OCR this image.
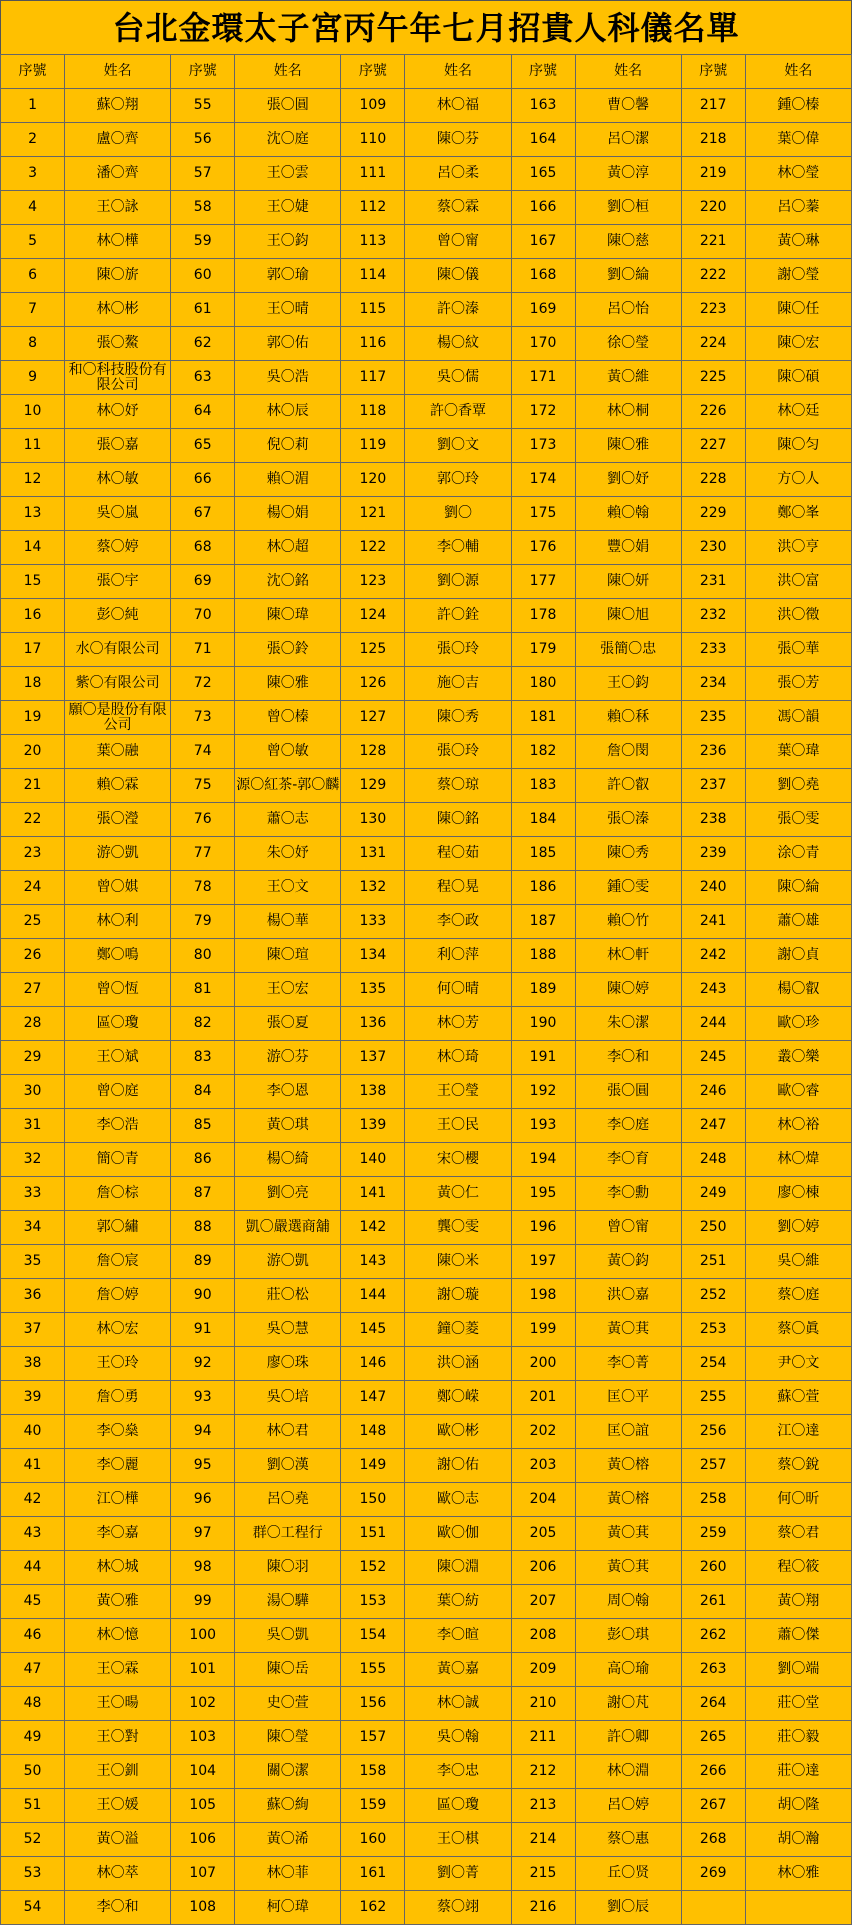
台北金環太子宮丙午年七月招貴人科儀名單
序號	姓名	序號	姓名	序號	姓名	序號	姓名	序號	姓名
1	蘇〇翔	55	張〇圓	109	林〇福	163	曹〇馨	217	鍾〇榛
2	盧〇齊	56	沈〇庭	110	陳〇芬	164	呂〇潔	218	葉〇偉
3	潘〇齊	57	王〇雲	111	呂〇柔	165	黃〇淳	219	林〇瑩
4	王〇詠	58	王〇婕	112	蔡〇霖	166	劉〇桓	220	呂〇蓁
5	林〇樺	59	王〇鈞	113	曾〇甯	167	陳〇慈	221	黃〇琳
6	陳〇旂	60	郭〇瑜	114	陳〇儀	168	劉〇綸	222	謝〇瑩
7	林〇彬	61	王〇晴	115	許〇溱	169	呂〇怡	223	陳〇任
8	張〇鰲	62	郭〇佑	116	楊〇紋	170	徐〇瑩	224	陳〇宏
9	和〇科技股份有限公司	63	吳〇浩	117	吳〇儒	171	黃〇維	225	陳〇碩
10	林〇妤	64	林〇辰	118	許〇香覃	172	林〇桐	226	林〇廷
11	張〇嘉	65	倪〇莉	119	劉〇文	173	陳〇雅	227	陳〇匀
12	林〇敏	66	賴〇湄	120	郭〇玲	174	劉〇妤	228	方〇人
13	吳〇嵐	67	楊〇娟	121	劉〇	175	賴〇翰	229	鄭〇峯
14	蔡〇婷	68	林〇超	122	李〇輔	176	豐〇娟	230	洪〇亨
15	張〇宇	69	沈〇銘	123	劉〇源	177	陳〇妍	231	洪〇富
16	彭〇純	70	陳〇瑋	124	許〇銓	178	陳〇旭	232	洪〇徵
17	水〇有限公司	71	張〇鈴	125	張〇玲	179	張簡〇忠	233	張〇華
18	紫〇有限公司	72	陳〇雅	126	施〇吉	180	王〇鈞	234	張〇芳
19	願〇是股份有限公司	73	曾〇榛	127	陳〇秀	181	賴〇秝	235	馮〇韻
20	葉〇融	74	曾〇敏	128	張〇玲	182	詹〇閔	236	葉〇瑋
21	賴〇霖	75	源〇紅茶-郭〇麟	129	蔡〇琼	183	許〇叡	237	劉〇堯
22	張〇瀅	76	蕭〇志	130	陳〇銘	184	張〇溱	238	張〇雯
23	游〇凱	77	朱〇妤	131	程〇茹	185	陳〇秀	239	涂〇青
24	曾〇娸	78	王〇文	132	程〇晃	186	鍾〇雯	240	陳〇綸
25	林〇利	79	楊〇華	133	李〇政	187	賴〇竹	241	蕭〇雄
26	鄭〇鳴	80	陳〇瑄	134	利〇萍	188	林〇軒	242	謝〇貞
27	曾〇恆	81	王〇宏	135	何〇晴	189	陳〇婷	243	楊〇叡
28	區〇瓊	82	張〇夏	136	林〇芳	190	朱〇潔	244	歐〇珍
29	王〇斌	83	游〇芬	137	林〇琦	191	李〇和	245	叢〇樂
30	曾〇庭	84	李〇恩	138	王〇瑩	192	張〇圓	246	歐〇睿
31	李〇浩	85	黃〇琪	139	王〇民	193	李〇庭	247	林〇裕
32	簡〇青	86	楊〇綺	140	宋〇櫻	194	李〇育	248	林〇煒
33	詹〇棕	87	劉〇亮	141	黃〇仁	195	李〇勳	249	廖〇棟
34	郭〇繡	88	凱〇嚴選商舖	142	龔〇雯	196	曾〇甯	250	劉〇婷
35	詹〇宸	89	游〇凱	143	陳〇米	197	黃〇鈞	251	吳〇維
36	詹〇婷	90	莊〇松	144	謝〇璇	198	洪〇嘉	252	蔡〇庭
37	林〇宏	91	吳〇慧	145	鐘〇菱	199	黃〇萁	253	蔡〇眞
38	王〇玲	92	廖〇珠	146	洪〇涵	200	李〇菁	254	尹〇文
39	詹〇勇	93	吳〇培	147	鄭〇嵘	201	匡〇平	255	蘇〇萱
40	李〇燊	94	林〇君	148	歐〇彬	202	匡〇誼	256	江〇達
41	李〇麗	95	劉〇漢	149	謝〇佑	203	黃〇榕	257	蔡〇銳
42	江〇樺	96	呂〇堯	150	歐〇志	204	黃〇榕	258	何〇昕
43	李〇嘉	97	群〇工程行	151	歐〇伽	205	黃〇萁	259	蔡〇君
44	林〇城	98	陳〇羽	152	陳〇淵	206	黃〇萁	260	程〇筱
45	黃〇雅	99	湯〇驊	153	葉〇紡	207	周〇翰	261	黃〇翔
46	林〇憶	100	吳〇凱	154	李〇暄	208	彭〇琪	262	蕭〇傑
47	王〇霖	101	陳〇岳	155	黃〇嘉	209	高〇瑜	263	劉〇端
48	王〇暘	102	史〇萱	156	林〇誠	210	謝〇芃	264	莊〇堂
49	王〇對	103	陳〇瑩	157	吳〇翰	211	許〇卿	265	莊〇毅
50	王〇釧	104	關〇潔	158	李〇忠	212	林〇淵	266	莊〇達
51	王〇媛	105	蘇〇絢	159	區〇瓊	213	呂〇婷	267	胡〇隆
52	黃〇溢	106	黃〇浠	160	王〇棋	214	蔡〇惠	268	胡〇瀚
53	林〇萃	107	林〇菲	161	劉〇菁	215	丘〇贤	269	林〇雅
54	李〇和	108	柯〇瑋	162	蔡〇翊	216	劉〇辰		
